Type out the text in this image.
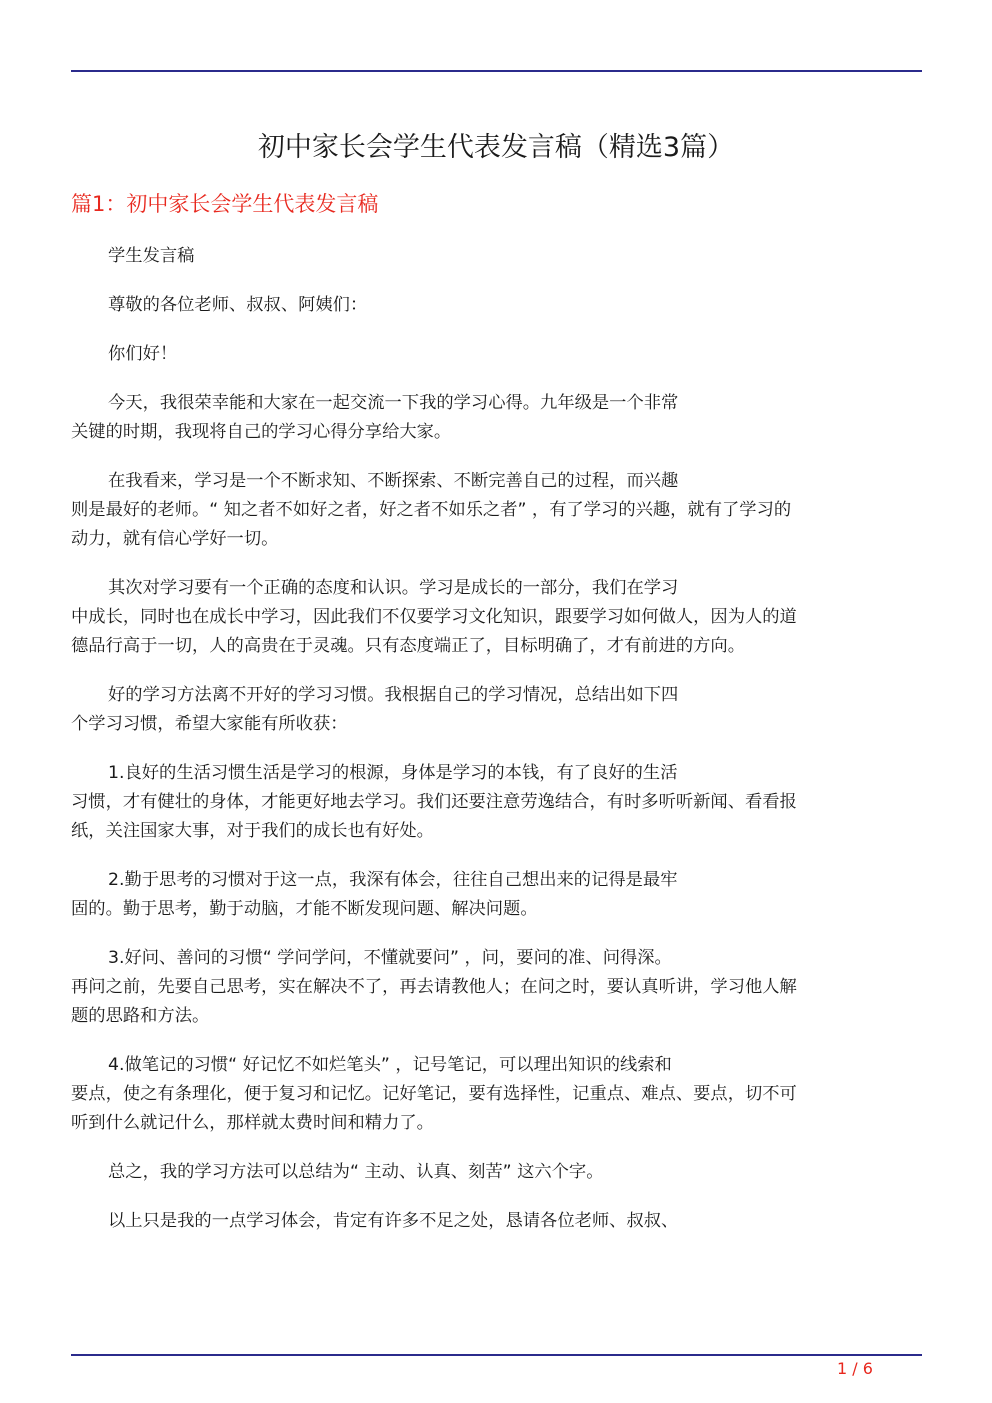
初中家长会学生代表发言稿（精选3篇）
篇1：初中家长会学生代表发言稿

学生发言稿

尊敬的各位老师、叔叔、阿姨们：

你们好！

今天，我很荣幸能和大家在一起交流一下我的学习心得。九年级是一个非常
关键的时期，我现将自己的学习心得分享给大家。

在我看来，学习是一个不断求知、不断探索、不断完善自己的过程，而兴趣
则是最好的老师。“ 知之者不如好之者，好之者不如乐之者” ，有了学习的兴趣，就有了学习的
动力，就有信心学好一切。

其次对学习要有一个正确的态度和认识。学习是成长的一部分，我们在学习
中成长，同时也在成长中学习，因此我们不仅要学习文化知识，跟要学习如何做人，因为人的道
德品行高于一切，人的高贵在于灵魂。只有态度端正了，目标明确了，才有前进的方向。

好的学习方法离不开好的学习习惯。我根据自己的学习情况，总结出如下四
个学习习惯，希望大家能有所收获：

1.良好的生活习惯生活是学习的根源，身体是学习的本钱，有了良好的生活
习惯，才有健壮的身体，才能更好地去学习。我们还要注意劳逸结合，有时多听听新闻、看看报
纸，关注国家大事，对于我们的成长也有好处。

2.勤于思考的习惯对于这一点，我深有体会，往往自己想出来的记得是最牢
固的。勤于思考，勤于动脑，才能不断发现问题、解决问题。

3.好问、善问的习惯“ 学问学问，不懂就要问” ，问，要问的准、问得深。
再问之前，先要自己思考，实在解决不了，再去请教他人；在问之时，要认真听讲，学习他人解
题的思路和方法。

4.做笔记的习惯“ 好记忆不如烂笔头” ，记号笔记，可以理出知识的线索和
要点，使之有条理化，便于复习和记忆。记好笔记，要有选择性，记重点、难点、要点，切不可
听到什么就记什么，那样就太费时间和精力了。

总之，我的学习方法可以总结为“ 主动、认真、刻苦” 这六个字。

以上只是我的一点学习体会，肯定有许多不足之处，恳请各位老师、叔叔、

1 / 6
